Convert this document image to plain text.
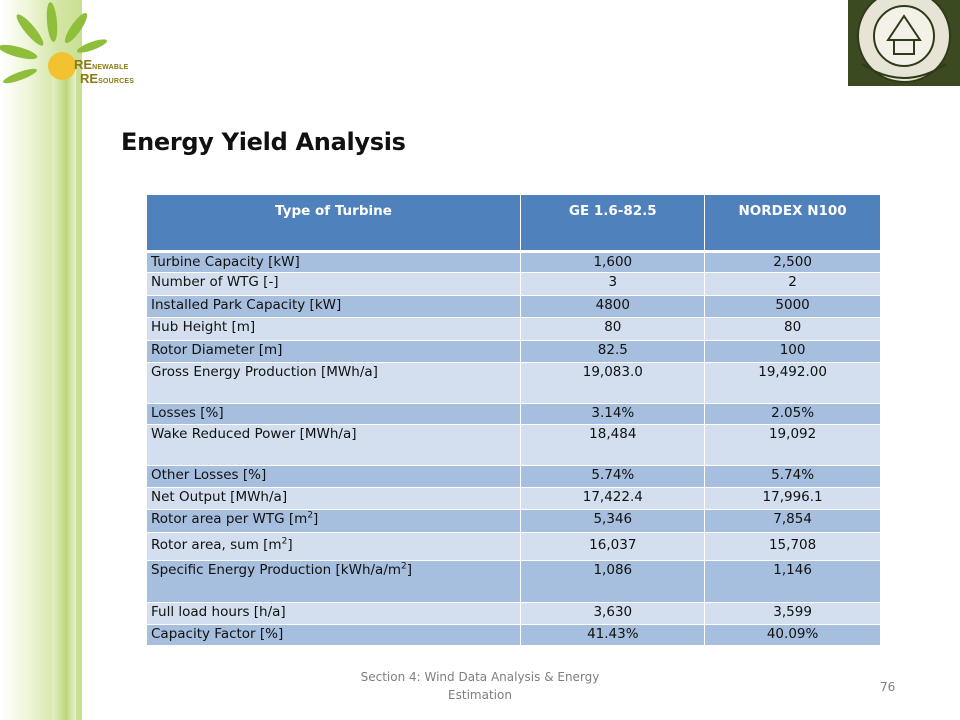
RENEWABLE
RESOURCES
Energy Yield Analysis
Type of Turbine	GE 1.6-82.5	NORDEX N100
Turbine Capacity [kW]	1,600	2,500
Number of WTG [-]	3	2
Installed Park Capacity [kW]	4800	5000
Hub Height [m]	80	80
Rotor Diameter [m]	82.5	100
Gross Energy Production [MWh/a]	19,083.0	19,492.00
Losses [%]	3.14%	2.05%
Wake Reduced Power [MWh/a]	18,484	19,092
Other Losses [%]	5.74%	5.74%
Net Output [MWh/a]	17,422.4	17,996.1
Rotor area per WTG $[m^2]$	5,346	7,854
Rotor area, sum $[m^2]$	16,037	15,708
Specific Energy Production $[kWh/a/m^2]$	1,086	1,146
Full load hours [h/a]	3,630	3,599
Capacity Factor [%]	41.43%	40.09%
Section 4: Wind Data Analysis & Energy Estimation
76
